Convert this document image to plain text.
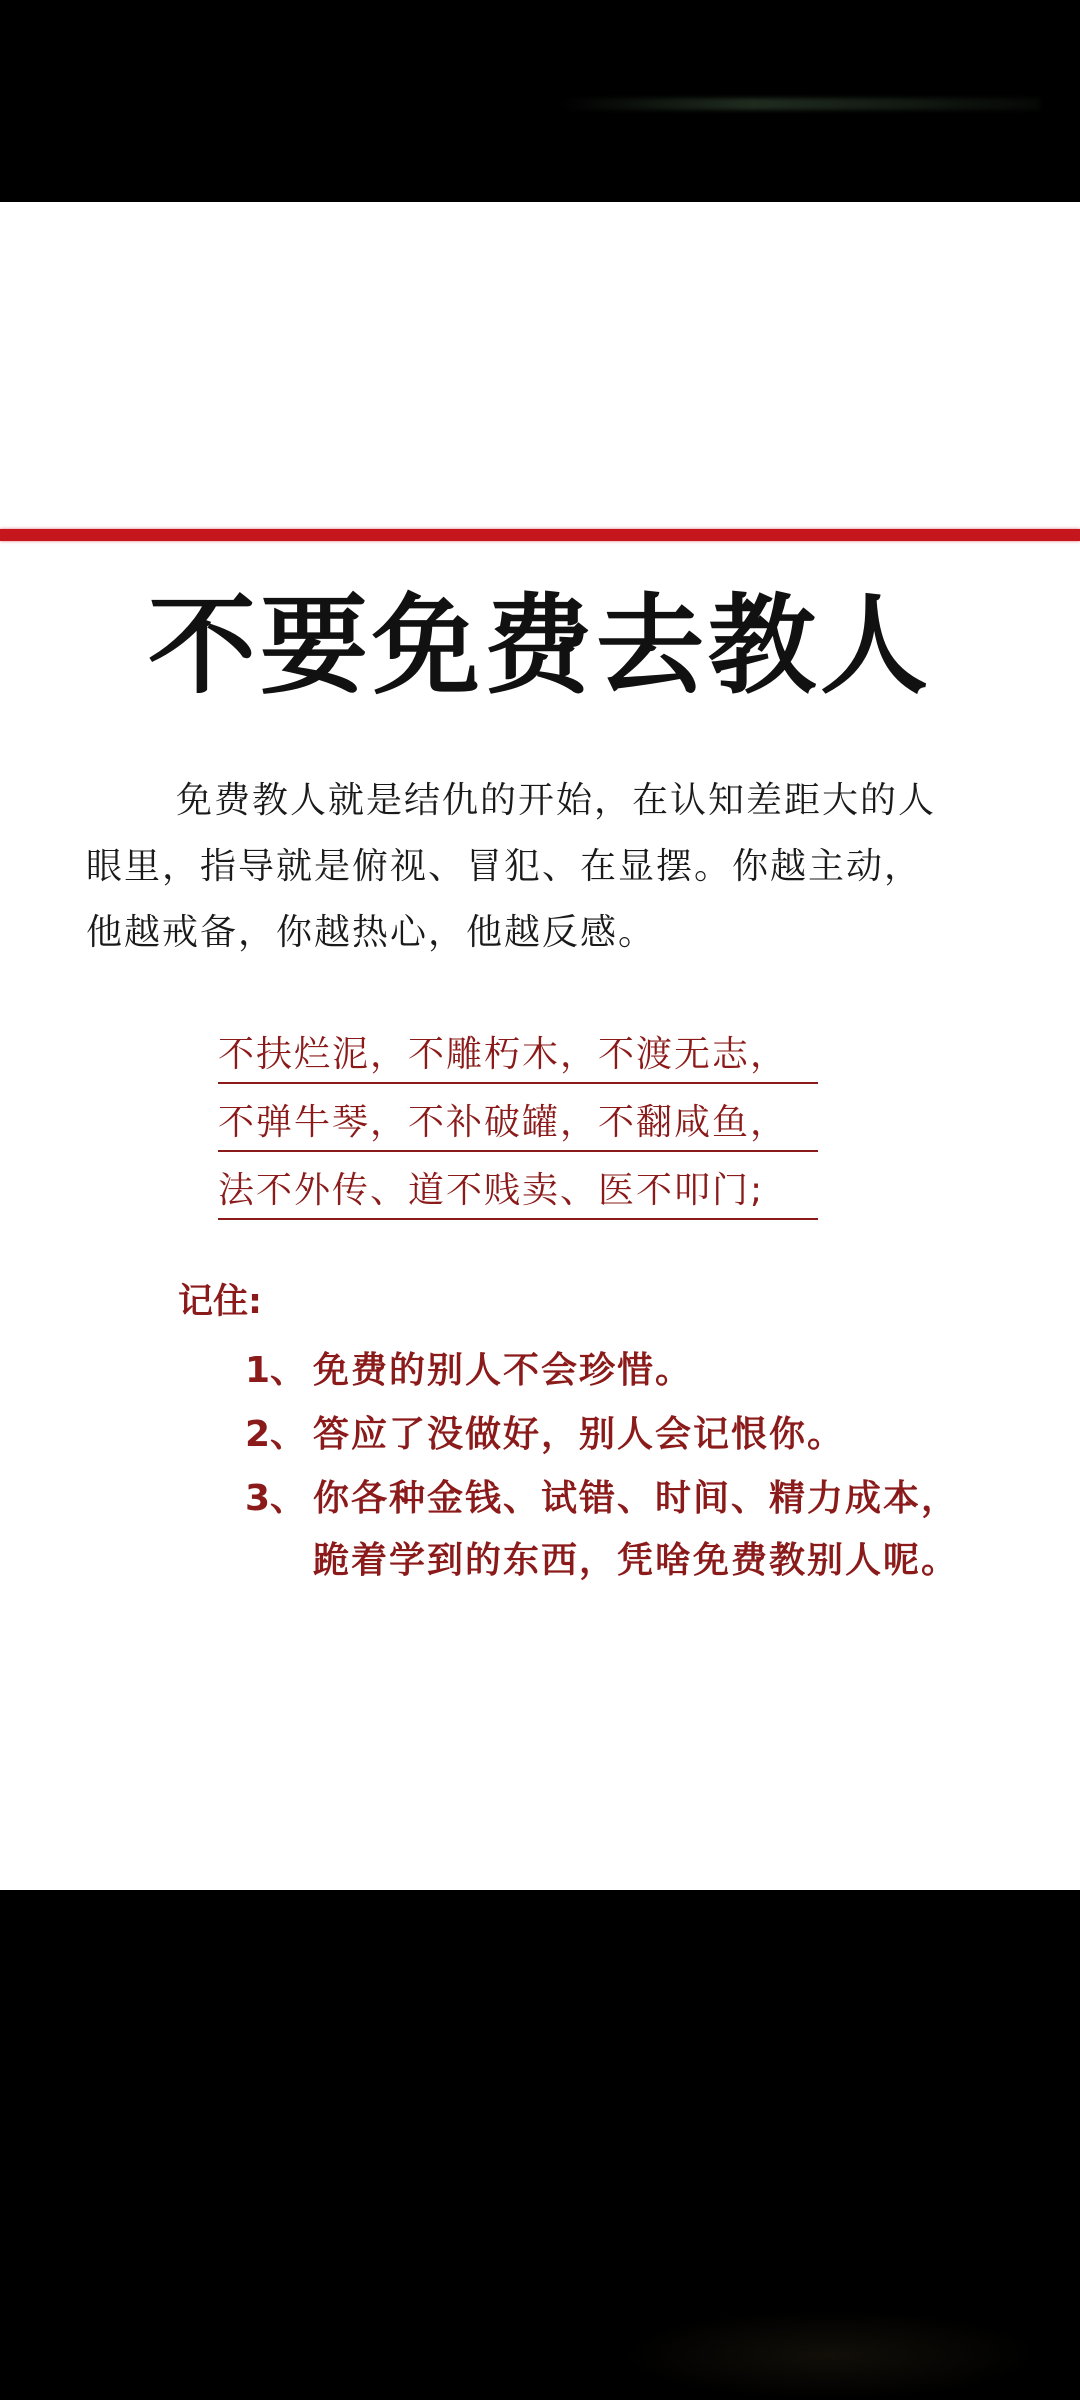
不要免费去教人
免费教人就是结仇的开始，在认知差距大的人眼里，指导就是俯视、冒犯、在显摆。你越主动，他越戒备，你越热心，他越反感。
不扶烂泥，不雕朽木，不渡无志，
不弹牛琴，不补破罐，不翻咸鱼，
法不外传、道不贱卖、医不叩门;
记住:
1、 免费的别人不会珍惜。
2、 答应了没做好，别人会记恨你。
3、 你各种金钱、试错、时间、精力成本，跪着学到的东西，凭啥免费教别人呢。
